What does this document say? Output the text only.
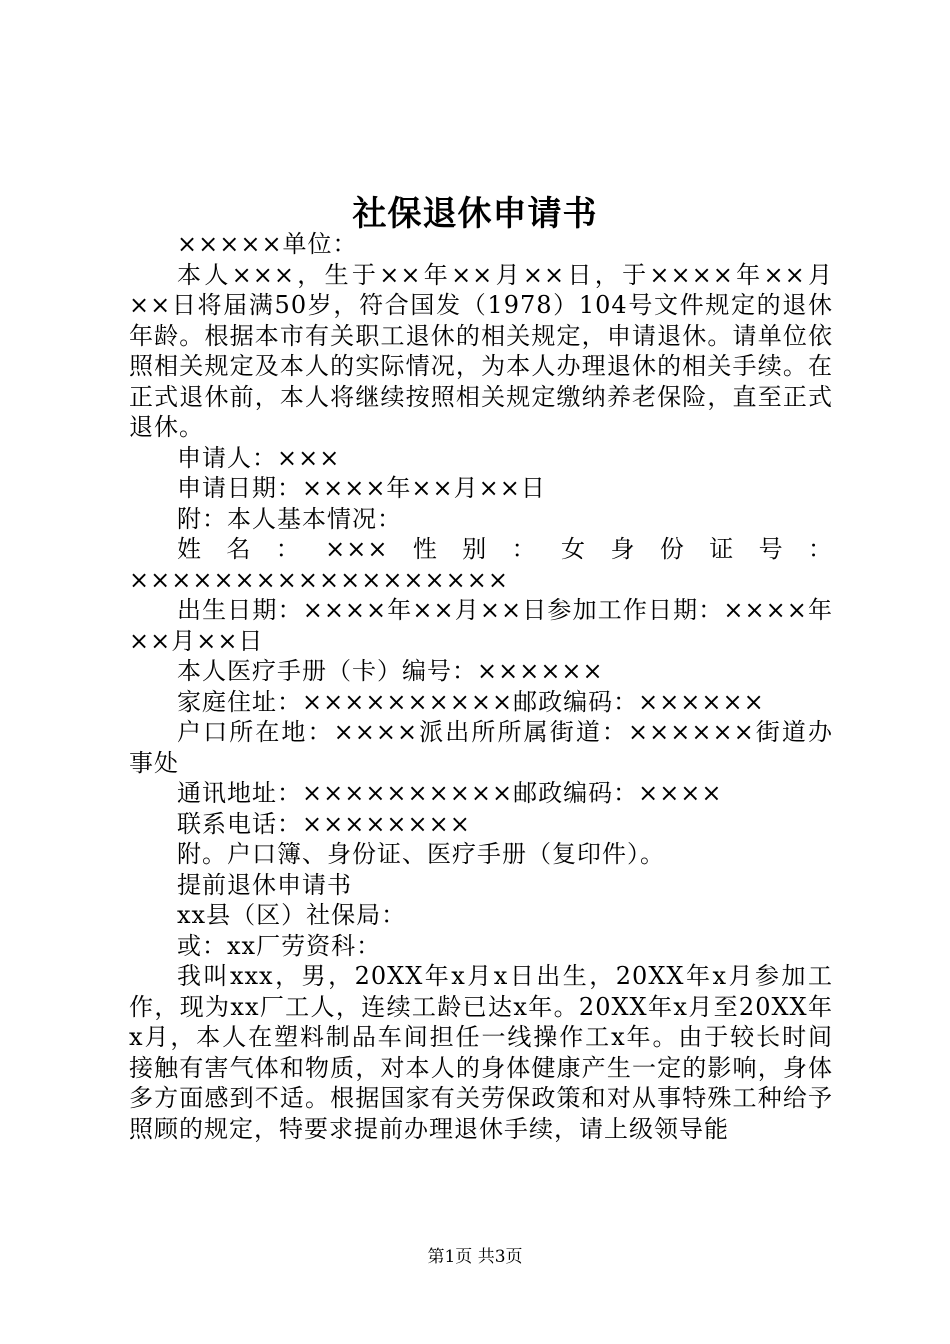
社保退休申请书

×××××单位：

本人×××，生于××年××月××日，于××××年××月××日将届满50岁，符合国发（1978）104号文件规定的退休年龄。根据本市有关职工退休的相关规定，申请退休。请单位依照相关规定及本人的实际情况，为本人办理退休的相关手续。在正式退休前，本人将继续按照相关规定缴纳养老保险，直至正式退休。

申请人：×××

申请日期：××××年××月××日

附：本人基本情况：

姓名：×××性别：女身份证号：××××××××××××××××××

出生日期：××××年××月××日参加工作日期：××××年××月××日

本人医疗手册（卡）编号：××××××

家庭住址：××××××××××邮政编码：××××××

户口所在地：××××派出所所属街道：××××××街道办事处

通讯地址：××××××××××邮政编码：××××

联系电话：××××××××

附。户口簿、身份证、医疗手册（复印件）。

提前退休申请书

xx县（区）社保局：

或：xx厂劳资科：

我叫xxx，男，20XX年x月x日出生，20XX年x月参加工作，现为xx厂工人，连续工龄已达x年。20XX年x月至20XX年x月，本人在塑料制品车间担任一线操作工x年。由于较长时间接触有害气体和物质，对本人的身体健康产生一定的影响，身体多方面感到不适。根据国家有关劳保政策和对从事特殊工种给予照顾的规定，特要求提前办理退休手续，请上级领导能

第1页 共3页
